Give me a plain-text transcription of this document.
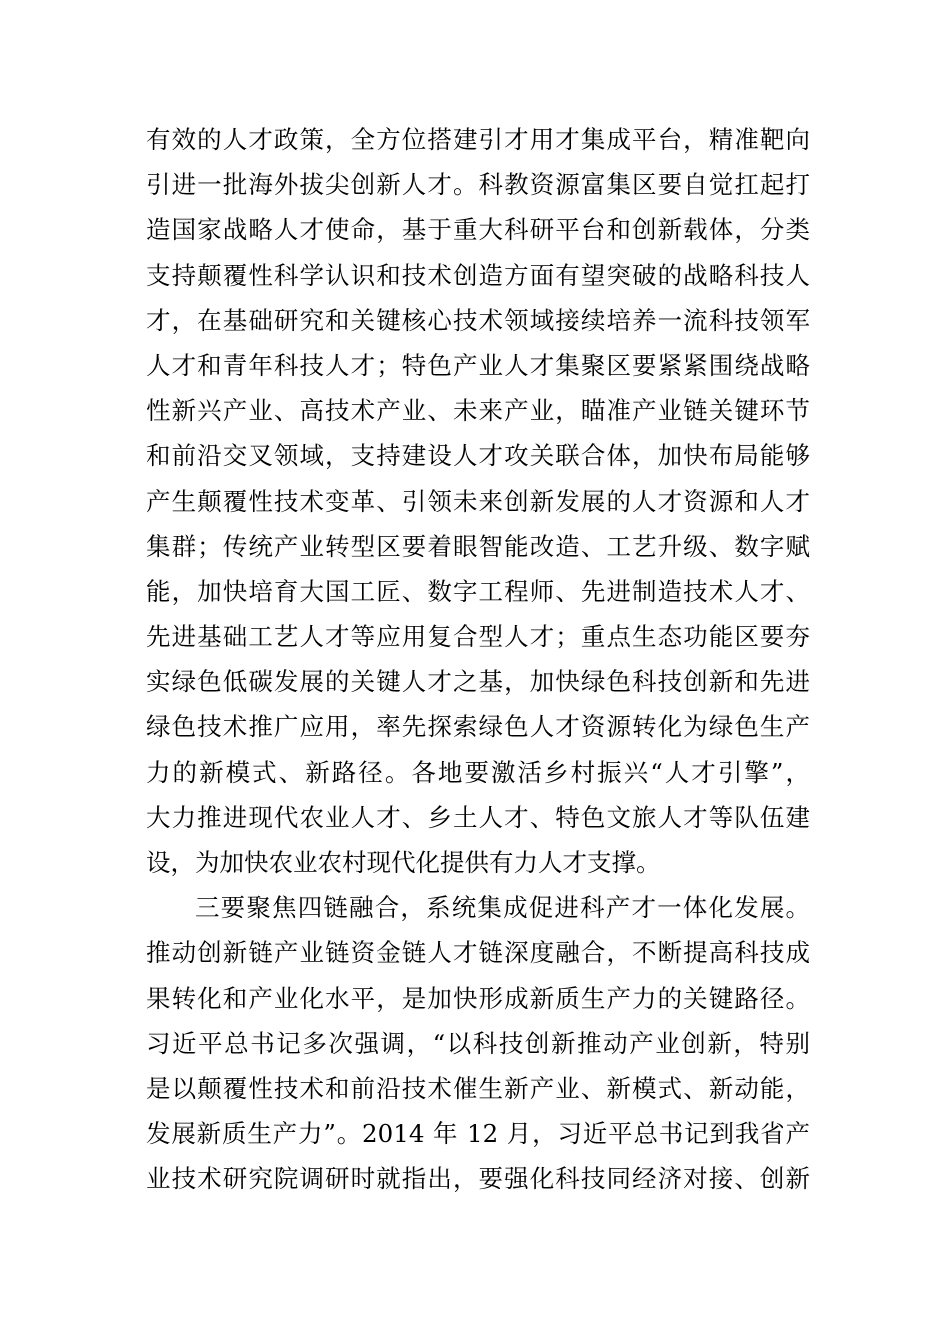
有效的人才政策，全方位搭建引才用才集成平台，精准靶向
引进一批海外拔尖创新人才。科教资源富集区要自觉扛起打
造国家战略人才使命，基于重大科研平台和创新载体，分类
支持颠覆性科学认识和技术创造方面有望突破的战略科技人
才，在基础研究和关键核心技术领域接续培养一流科技领军
人才和青年科技人才；特色产业人才集聚区要紧紧围绕战略
性新兴产业、高技术产业、未来产业，瞄准产业链关键环节
和前沿交叉领域，支持建设人才攻关联合体，加快布局能够
产生颠覆性技术变革、引领未来创新发展的人才资源和人才
集群；传统产业转型区要着眼智能改造、工艺升级、数字赋
能，加快培育大国工匠、数字工程师、先进制造技术人才、
先进基础工艺人才等应用复合型人才；重点生态功能区要夯
实绿色低碳发展的关键人才之基，加快绿色科技创新和先进
绿色技术推广应用，率先探索绿色人才资源转化为绿色生产
力的新模式、新路径。各地要激活乡村振兴“人才引擎”，
大力推进现代农业人才、乡土人才、特色文旅人才等队伍建
设，为加快农业农村现代化提供有力人才支撑。
三要聚焦四链融合，系统集成促进科产才一体化发展。
推动创新链产业链资金链人才链深度融合，不断提高科技成
果转化和产业化水平，是加快形成新质生产力的关键路径。
习近平总书记多次强调，“以科技创新推动产业创新，特别
是以颠覆性技术和前沿技术催生新产业、新模式、新动能，
发展新质生产力”。2014 年 12 月，习近平总书记到我省产
业技术研究院调研时就指出，要强化科技同经济对接、创新
